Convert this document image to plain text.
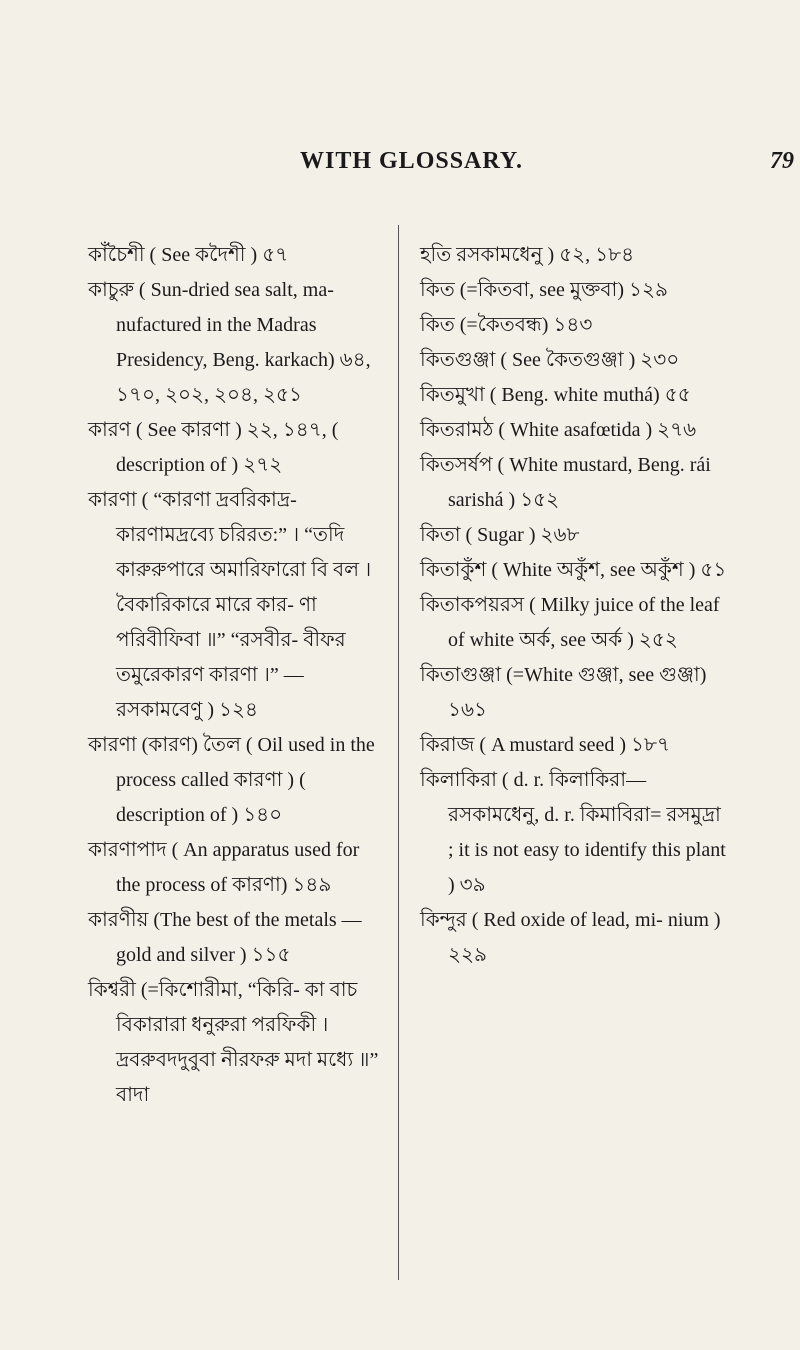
WITH GLOSSARY.	79

কাঁচৈশী ( See কদৈশী ) ৫৭

কাচুরু ( Sun-dried sea salt, ma- nufactured in the Madras Presidency, Beng. karkach) ৬৪, ১৭০, ২০২, ২০৪, ২৫১

কারণ ( See কারণা ) ২২, ১৪৭, ( description of ) ২৭২

কারণা ( “কারণা দ্রবরিকাদ্র- কারণামদ্রব্যে চরিরত:” । “তদি কারুরুপারে অমারিফারো বি বল । বৈকারিকারে মারে কার- ণা পরিবীফিবা ॥” “রসবীর- বীফর তমুরেকারণ কারণা ।” —রসকামবেণু ) ১২৪

কারণা (কারণ) তৈল ( Oil used in the process called কারণা ) ( description of ) ১৪০

কারণাপাদ ( An apparatus used for the process of কারণা) ১৪৯

কারণীয় (The best of the metals —gold and silver ) ১১৫

কিশ্বরী (=কিশোরীমা, “কিরি- কা বাচ বিকারারা ধনুরুরা পরফিকী । দ্রবরুবদদুবুবা নীরফরু মদা মধ্যে ॥” বাদা

হতি রসকামধেনু ) ৫২, ১৮৪

কিত (=কিতবা, see মুক্তবা) ১২৯

কিত (=কৈতবন্ধ) ১৪৩

কিতগুঞ্জা ( See কৈতগুঞ্জা ) ২৩০

কিতমুখা ( Beng. white muthá) ৫৫

কিতরামঠ ( White asafœtida ) ২৭৬

কিতসর্ষপ ( White mustard, Beng. rái sarishá ) ১৫২

কিতা ( Sugar ) ২৬৮

কিতাকুঁশ ( White অকুঁশ, see অকুঁশ ) ৫১

কিতাকপয়রস ( Milky juice of the leaf of white অর্ক, see অর্ক ) ২৫২

কিতাগুঞ্জা (=White গুঞ্জা, see গুঞ্জা) ১৬১

কিরাজ ( A mustard seed ) ১৮৭

কিলাকিরা ( d. r. কিলাকিরা— রসকামধেনু, d. r. কিমাবিরা= রসমুদ্রা ; it is not easy to identify this plant ) ৩৯

কিন্দুর ( Red oxide of lead, mi- nium ) ২২৯
